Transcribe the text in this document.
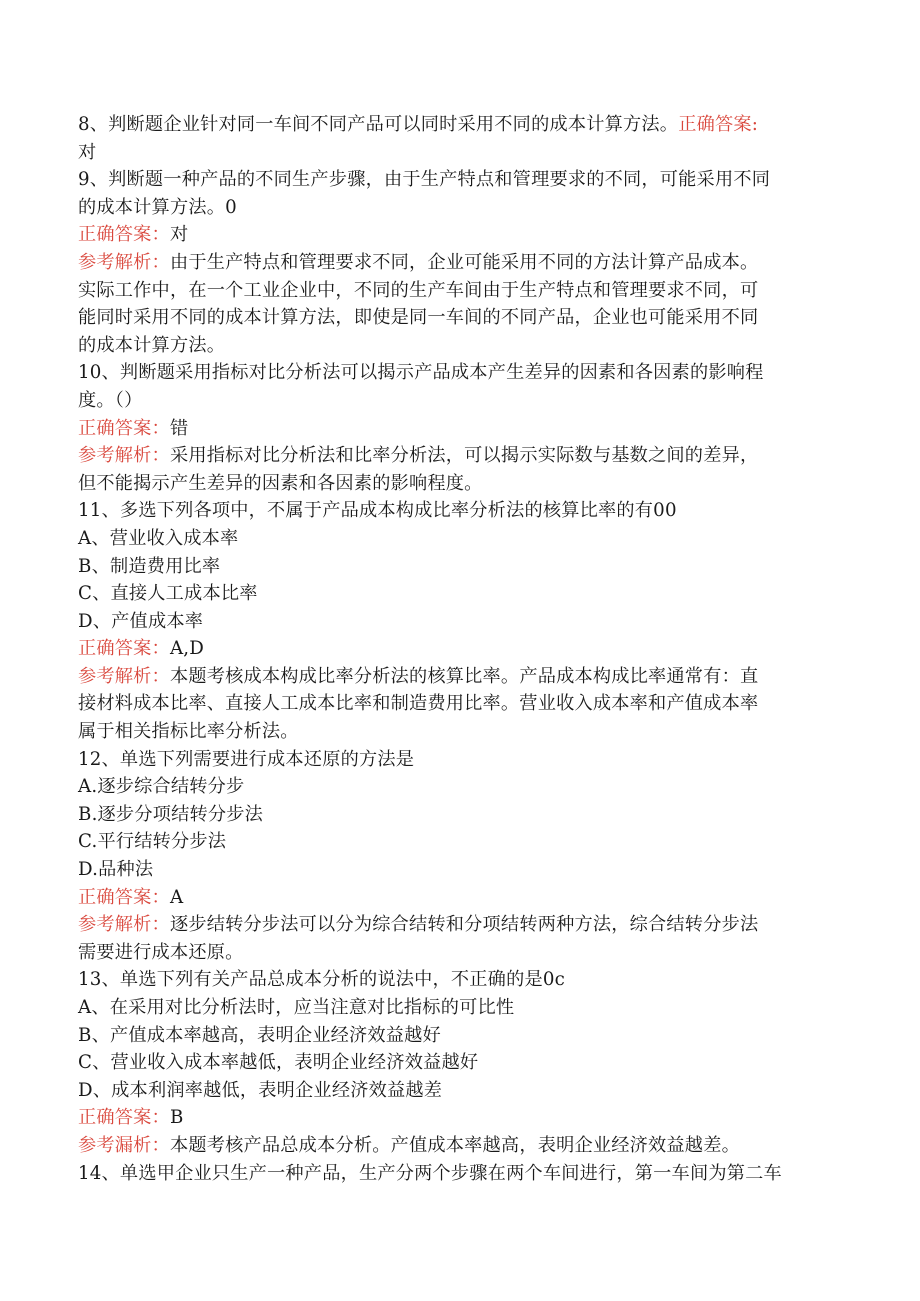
8、判断题企业针对同一车间不同产品可以同时采用不同的成本计算方法。正确答案:
对
9、判断题一种产品的不同生产步骤，由于生产特点和管理要求的不同，可能采用不同
的成本计算方法。0
正确答案：对
参考解析：由于生产特点和管理要求不同，企业可能采用不同的方法计算产品成本。
实际工作中，在一个工业企业中，不同的生产车间由于生产特点和管理要求不同，可
能同时采用不同的成本计算方法，即使是同一车间的不同产品，企业也可能采用不同
的成本计算方法。
10、判断题采用指标对比分析法可以揭示产品成本产生差异的因素和各因素的影响程
度。（）
正确答案：错
参考解析：采用指标对比分析法和比率分析法，可以揭示实际数与基数之间的差异，
但不能揭示产生差异的因素和各因素的影响程度。
11、多选下列各项中，不属于产品成本构成比率分析法的核算比率的有00
A、营业收入成本率
B、制造费用比率
C、直接人工成本比率
D、产值成本率
正确答案：A,D
参考解析：本题考核成本构成比率分析法的核算比率。产品成本构成比率通常有：直
接材料成本比率、直接人工成本比率和制造费用比率。营业收入成本率和产值成本率
属于相关指标比率分析法。
12、单选下列需要进行成本还原的方法是
A.逐步综合结转分步
B.逐步分项结转分步法
C.平行结转分步法
D.品种法
正确答案：A
参考解析：逐步结转分步法可以分为综合结转和分项结转两种方法，综合结转分步法
需要进行成本还原。
13、单选下列有关产品总成本分析的说法中，不正确的是0c
A、在采用对比分析法时，应当注意对比指标的可比性
B、产值成本率越高，表明企业经济效益越好
C、营业收入成本率越低，表明企业经济效益越好
D、成本利润率越低，表明企业经济效益越差
正确答案：B
参考漏析：本题考核产品总成本分析。产值成本率越高，表明企业经济效益越差。
14、单选甲企业只生产一种产品，生产分两个步骤在两个车间进行，第一车间为第二车
